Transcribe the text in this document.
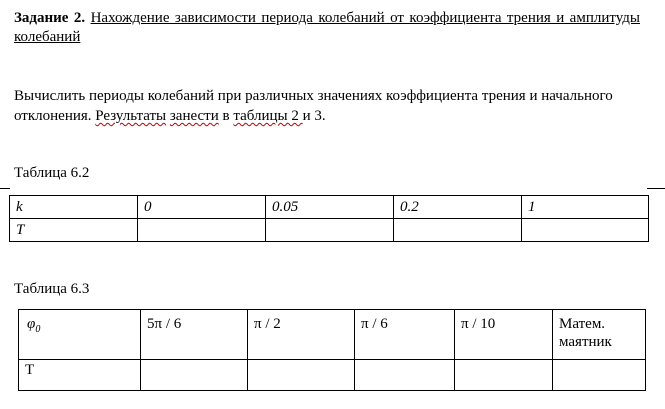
Задание 2. Нахождение зависимости периода колебаний от коэффициента трения и амплитуды колебаний
Вычислить периоды колебаний при различных значениях коэффициента трения и начального отклонения. Результаты занести в таблицы 2 и 3.
Таблица 6.2
k	0	0.05	0.2	1
T				
Таблица 6.3
$\varphi_0$	5π / 6	π / 2	π / 6	π / 10	Матем. маятник
T					
